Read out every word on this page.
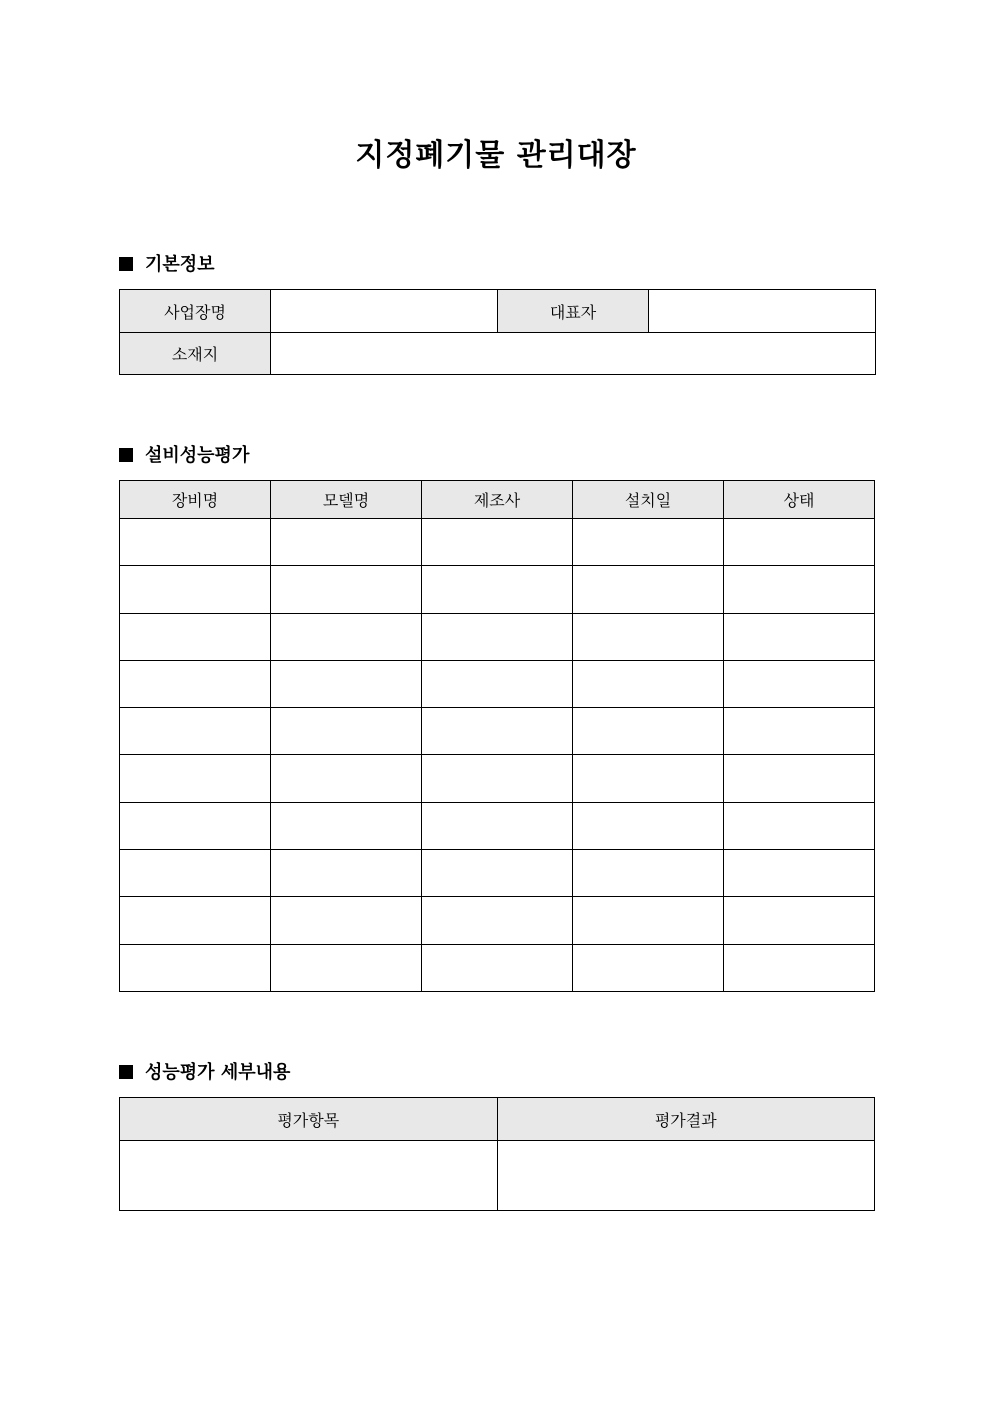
지정폐기물 관리대장
기본정보
사업장명		대표자	
소재지			
설비성능평가
장비명	모델명	제조사	설치일	상태

성능평가 세부내용
평가항목	평가결과
